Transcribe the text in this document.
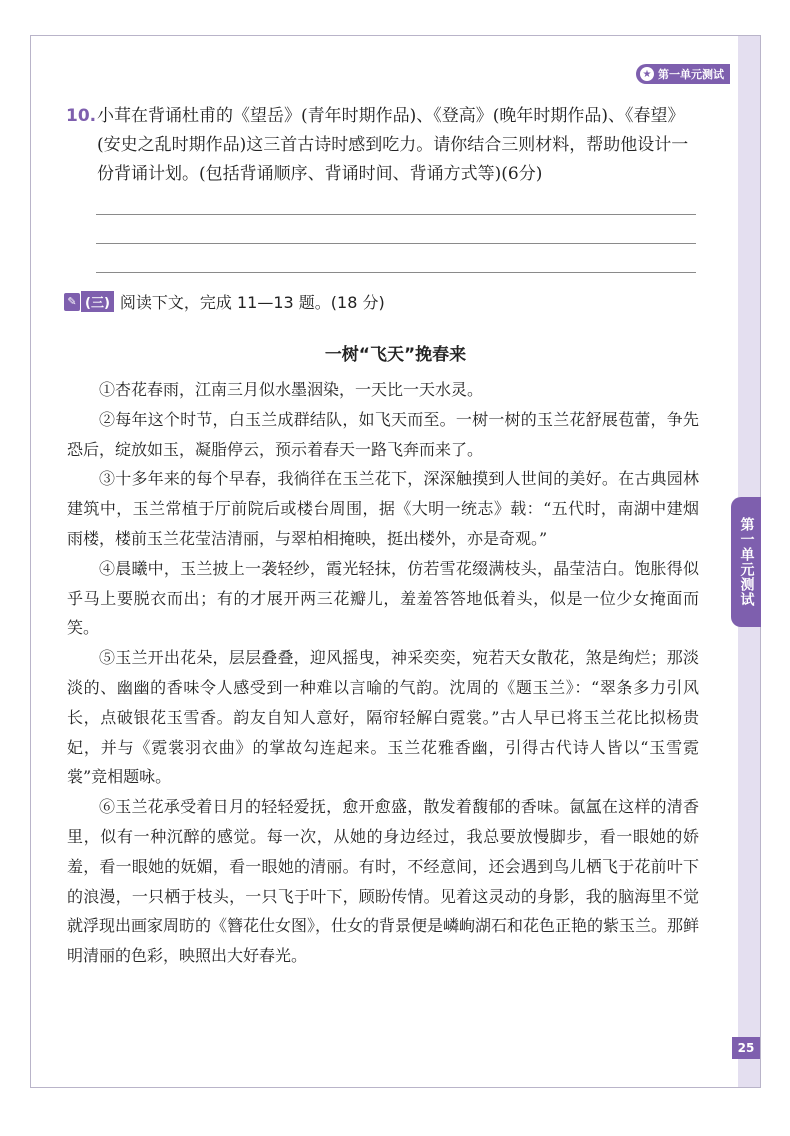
★ 第一单元测试
第一单元测试
10. 小茸在背诵杜甫的《望岳》(青年时期作品)、《登高》(晚年时期作品)、《春望》(安史之乱时期作品)这三首古诗时感到吃力。请你结合三则材料，帮助他设计一份背诵计划。(包括背诵顺序、背诵时间、背诵方式等)(6分)
✎ (三) 阅读下文，完成 11—13 题。(18 分)
一树“飞天”挽春来

①杏花春雨，江南三月似水墨洇染，一天比一天水灵。

②每年这个时节，白玉兰成群结队，如飞天而至。一树一树的玉兰花舒展苞蕾，争先恐后，绽放如玉，凝脂停云，预示着春天一路飞奔而来了。

③十多年来的每个早春，我徜徉在玉兰花下，深深触摸到人世间的美好。在古典园林建筑中，玉兰常植于厅前院后或楼台周围，据《大明一统志》载：“五代时，南湖中建烟雨楼，楼前玉兰花莹洁清丽，与翠柏相掩映，挺出楼外，亦是奇观。”

④晨曦中，玉兰披上一袭轻纱，霞光轻抹，仿若雪花缀满枝头，晶莹洁白。饱胀得似乎马上要脱衣而出；有的才展开两三花瓣儿，羞羞答答地低着头，似是一位少女掩面而笑。

⑤玉兰开出花朵，层层叠叠，迎风摇曳，神采奕奕，宛若天女散花，煞是绚烂；那淡淡的、幽幽的香味令人感受到一种难以言喻的气韵。沈周的《题玉兰》：“翠条多力引风长，点破银花玉雪香。韵友自知人意好，隔帘轻解白霓裳。”古人早已将玉兰花比拟杨贵妃，并与《霓裳羽衣曲》的掌故勾连起来。玉兰花雅香幽，引得古代诗人皆以“玉雪霓裳”竞相题咏。

⑥玉兰花承受着日月的轻轻爱抚，愈开愈盛，散发着馥郁的香味。氤氲在这样的清香里，似有一种沉醉的感觉。每一次，从她的身边经过，我总要放慢脚步，看一眼她的娇羞，看一眼她的妩媚，看一眼她的清丽。有时，不经意间，还会遇到鸟儿栖飞于花前叶下的浪漫，一只栖于枝头，一只飞于叶下，顾盼传情。见着这灵动的身影，我的脑海里不觉就浮现出画家周昉的《簪花仕女图》，仕女的背景便是嶙峋湖石和花色正艳的紫玉兰。那鲜明清丽的色彩，映照出大好春光。

25
